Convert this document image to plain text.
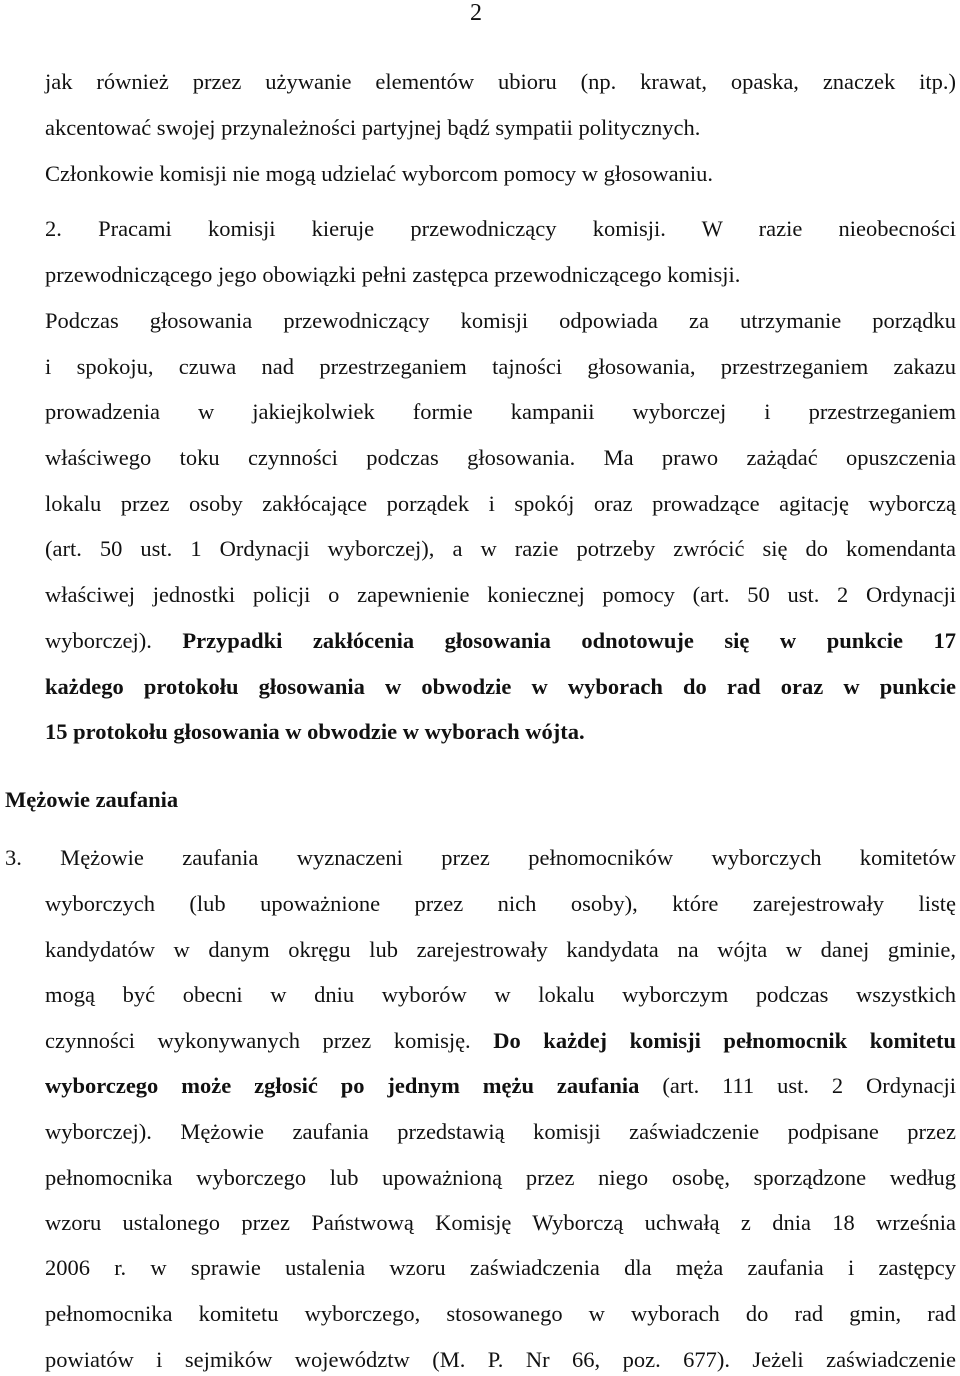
2
jak również przez używanie elementów ubioru (np. krawat, opaska, znaczek itp.)
akcentować swojej przynależności partyjnej bądź sympatii politycznych.
Członkowie komisji nie mogą udzielać wyborcom pomocy w głosowaniu.
2. Pracami komisji kieruje przewodniczący komisji. W razie nieobecności
przewodniczącego jego obowiązki pełni zastępca przewodniczącego komisji.
Podczas głosowania przewodniczący komisji odpowiada za utrzymanie porządku
i spokoju, czuwa nad przestrzeganiem tajności głosowania, przestrzeganiem zakazu
prowadzenia w jakiejkolwiek formie kampanii wyborczej i przestrzeganiem
właściwego toku czynności podczas głosowania. Ma prawo zażądać opuszczenia
lokalu przez osoby zakłócające porządek i spokój oraz prowadzące agitację wyborczą
(art. 50 ust. 1 Ordynacji wyborczej), a w razie potrzeby zwrócić się do komendanta
właściwej jednostki policji o zapewnienie koniecznej pomocy (art. 50 ust. 2 Ordynacji
wyborczej). Przypadki zakłócenia głosowania odnotowuje się w punkcie 17
każdego protokołu głosowania w obwodzie w wyborach do rad oraz w punkcie
15 protokołu głosowania w obwodzie w wyborach wójta.
Mężowie zaufania
3. Mężowie zaufania wyznaczeni przez pełnomocników wyborczych komitetów
wyborczych (lub upoważnione przez nich osoby), które zarejestrowały listę
kandydatów w danym okręgu lub zarejestrowały kandydata na wójta w danej gminie,
mogą być obecni w dniu wyborów w lokalu wyborczym podczas wszystkich
czynności wykonywanych przez komisję. Do każdej komisji pełnomocnik komitetu
wyborczego może zgłosić po jednym mężu zaufania (art. 111 ust. 2 Ordynacji
wyborczej). Mężowie zaufania przedstawią komisji zaświadczenie podpisane przez
pełnomocnika wyborczego lub upoważnioną przez niego osobę, sporządzone według
wzoru ustalonego przez Państwową Komisję Wyborczą uchwałą z dnia 18 września
2006 r. w sprawie ustalenia wzoru zaświadczenia dla męża zaufania i zastępcy
pełnomocnika komitetu wyborczego, stosowanego w wyborach do rad gmin, rad
powiatów i sejmików województw (M. P. Nr 66, poz. 677). Jeżeli zaświadczenie
